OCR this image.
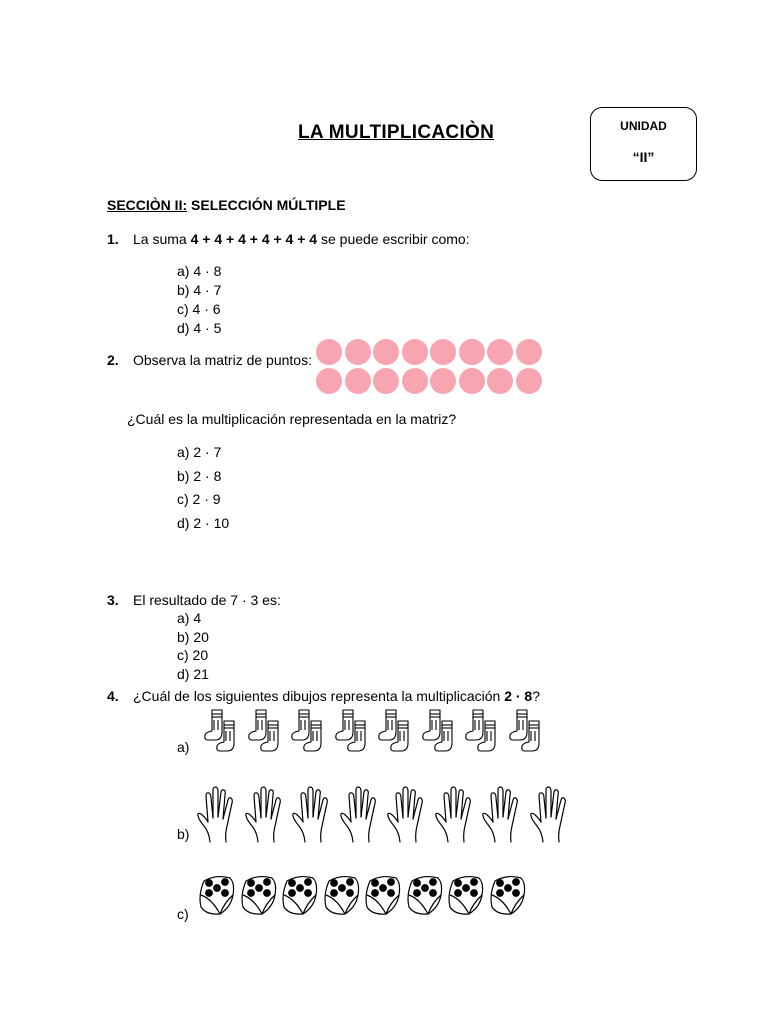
LA MULTIPLICACIÒN	UNIDAD
“II”
SECCIÒN II: SELECCIÓN MÚLTIPLE
1. La suma 4 + 4 + 4 + 4 + 4 + 4 se puede escribir como:
a) 4 · 8
b) 4 · 7
c) 4 · 6
d) 4 · 5
2. Observa la matriz de puntos:
¿Cuál es la multiplicación representada en la matriz?
a) 2 · 7
b) 2 · 8
c) 2 · 9
d) 2 · 10
3. El resultado de 7 · 3 es:
a) 4
b) 20
c) 20
d) 21
4. ¿Cuál de los siguientes dibujos representa la multiplicación 2 · 8?
a)
b)
c)
